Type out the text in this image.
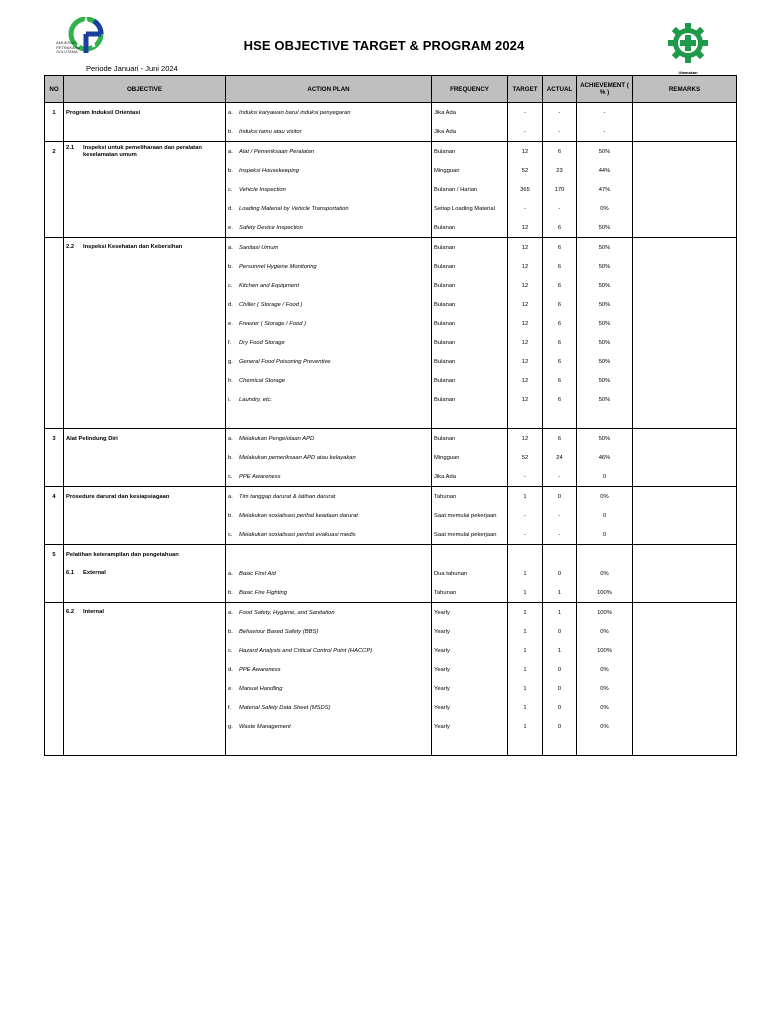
AMUERAH
PETRAKARA
SOLUTAMA	HSE OBJECTIVE TARGET & PROGRAM 2024
Utamakan
Periode Januari - Juni 2024
NO	OBJECTIVE	ACTION PLAN	FREQUENCY	TARGET	ACTUAL	ACHIEVEMENT ( % )	REMARKS
1	Program Induksi/ Orientasi	a. Induksi karyawan baru/ induksi penyegaran	Jika Ada	-	-	-	
		b. Induksi tamu atau visitor	Jika Ada	-	-	-	
2	2.1 Inspeksi untuk pemeliharaan dan peralatan keselamatan umum	a. Alat / Pemeriksaan Peralatan	Bulanan	12	6	50%	
		b. Inspeksi Housekeeping	Mingguan	52	23	44%	
		c. Vehicle Inspection	Bulanan / Harian	365	170	47%	
		d. Loading Material by Vehicle Transportation	Setiap Loading Material	-	-	0%	
		e. Safety Device Inspection	Bulanan	12	6	50%	

	2.2 Inspeksi Kesehatan dan Kebersihan	a. Sanitasi Umum	Bulanan	12	6	50%	
		b. Personnel Hygiene Monitoring	Bulanan	12	6	50%	
		c. Kitchen and Equipment	Bulanan	12	6	50%	
		d. Chiller ( Storage / Food )	Bulanan	12	6	50%	
		e. Freezer ( Storage / Food )	Bulanan	12	6	50%	
		f. Dry Food Storage	Bulanan	12	6	50%	
		g. General Food Poisoning Preventive	Bulanan	12	6	50%	
		h. Chemical Storage	Bulanan	12	6	50%	
		i. Laundry, etc.	Bulanan	12	6	50%	

3	Alat Pelindung Diri	a. Melakukan Pengelolaan APD	Bulanan	12	6	50%	
		b. Melakukan pemeriksaan APD atau kelayakan	Mingguan	52	24	46%	
		c. PPE Awareness	Jika Ada	-	-	0	
4	Prosedure darurat dan kesiapsiagaan	a. Tim tanggap darurat & latihan darurat	Tahunan	1	0	0%	
		b. Melakukan sosialisasi perihal keadaan darurat	Saat memulai pekerjaan	-	-	0	
		c. Melakukan sosialisasi perihal evakuasi medis	Saat memulai pekerjaan	-	-	0	
5	Pelatihan keterampilan dan pengetahuan						

	6.1 External	a. Basic First Aid	Dua tahunan	1	0	0%	
		b. Basic Fire Fighting	Tahunan	1	1	100%	

	6.2 Internal	a. Food Safety, Hygiene, and Sanitation	Yearly	1	1	100%	
		b. Behaviour Based Safety (BBS)	Yearly	1	0	0%	
		c. Hazard Analysis and Critical Control Point (HACCP)	Yearly	1	1	100%	
		d. PPE Awareness	Yearly	1	0	0%	
		e. Manual Handling	Yearly	1	0	0%	
		f. Material Safety Data Sheet (MSDS)	Yearly	1	0	0%	
		g. Waste Management	Yearly	1	0	0%	
